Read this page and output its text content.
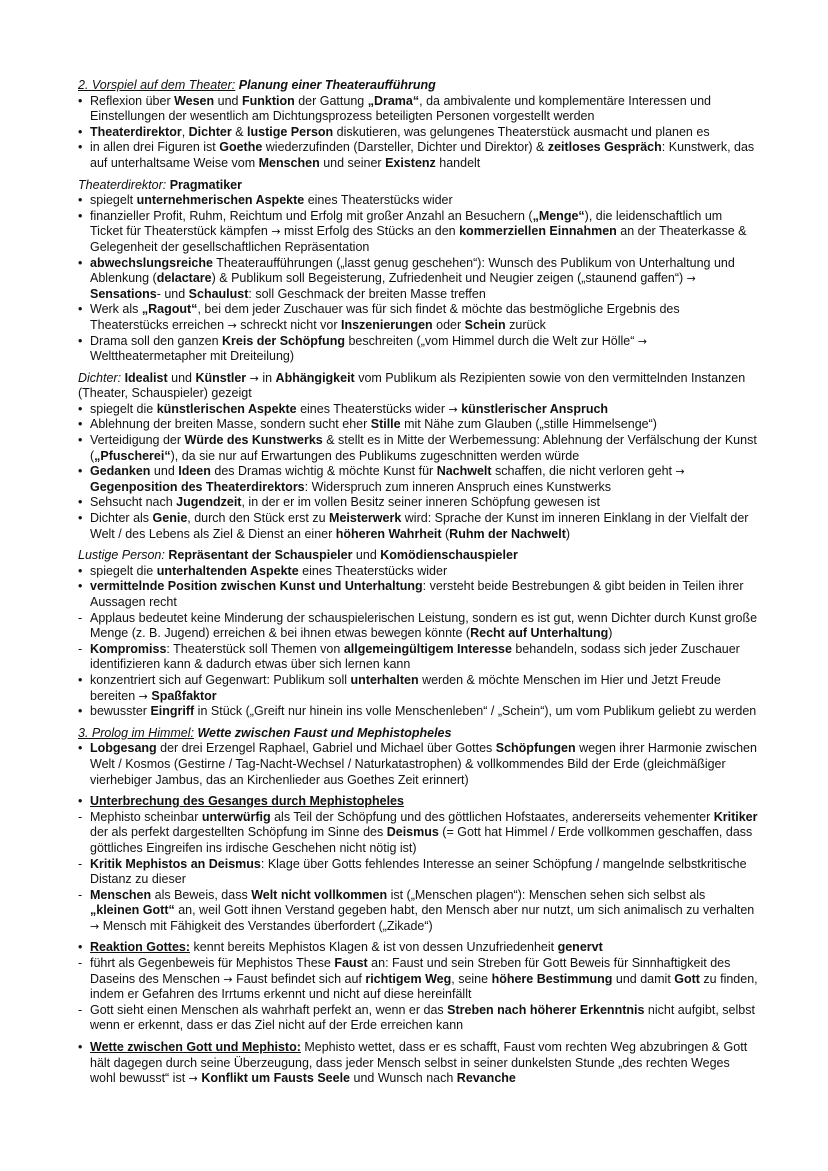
2. Vorspiel auf dem Theater: Planung einer Theateraufführung

• Reflexion über Wesen und Funktion der Gattung „Drama“, da ambivalente und komplementäre Interessen und Einstellungen der wesentlich am Dichtungsprozess beteiligten Personen vorgestellt werden
• Theaterdirektor, Dichter & lustige Person diskutieren, was gelungenes Theaterstück ausmacht und planen es
• in allen drei Figuren ist Goethe wiederzufinden (Darsteller, Dichter und Direktor) & zeitloses Gespräch: Kunstwerk, das auf unterhaltsame Weise vom Menschen und seiner Existenz handelt

Theaterdirektor: Pragmatiker

• spiegelt unternehmerischen Aspekte eines Theaterstücks wider
• finanzieller Profit, Ruhm, Reichtum und Erfolg mit großer Anzahl an Besuchern („Menge“), die leidenschaftlich um Ticket für Theaterstück kämpfen → misst Erfolg des Stücks an den kommerziellen Einnahmen an der Theaterkasse & Gelegenheit der gesellschaftlichen Repräsentation
• abwechslungsreiche Theateraufführungen („lasst genug geschehen“): Wunsch des Publikum von Unterhaltung und Ablenkung (delactare) & Publikum soll Begeisterung, Zufriedenheit und Neugier zeigen („staunend gaffen“) → Sensations- und Schaulust: soll Geschmack der breiten Masse treffen
• Werk als „Ragout“, bei dem jeder Zuschauer was für sich findet & möchte das bestmögliche Ergebnis des Theaterstücks erreichen → schreckt nicht vor Inszenierungen oder Schein zurück
• Drama soll den ganzen Kreis der Schöpfung beschreiten („vom Himmel durch die Welt zur Hölle“ → Welttheatermetapher mit Dreiteilung)

Dichter: Idealist und Künstler → in Abhängigkeit vom Publikum als Rezipienten sowie von den vermittelnden Instanzen (Theater, Schauspieler) gezeigt

• spiegelt die künstlerischen Aspekte eines Theaterstücks wider → künstlerischer Anspruch
• Ablehnung der breiten Masse, sondern sucht eher Stille mit Nähe zum Glauben („stille Himmelsenge“)
• Verteidigung der Würde des Kunstwerks & stellt es in Mitte der Werbemessung: Ablehnung der Verfälschung der Kunst („Pfuscherei“), da sie nur auf Erwartungen des Publikums zugeschnitten werden würde
• Gedanken und Ideen des Dramas wichtig & möchte Kunst für Nachwelt schaffen, die nicht verloren geht → Gegenposition des Theaterdirektors: Widerspruch zum inneren Anspruch eines Kunstwerks
• Sehsucht nach Jugendzeit, in der er im vollen Besitz seiner inneren Schöpfung gewesen ist
• Dichter als Genie, durch den Stück erst zu Meisterwerk wird: Sprache der Kunst im inneren Einklang in der Vielfalt der Welt / des Lebens als Ziel & Dienst an einer höheren Wahrheit (Ruhm der Nachwelt)

Lustige Person: Repräsentant der Schauspieler und Komödienschauspieler

• spiegelt die unterhaltenden Aspekte eines Theaterstücks wider
• vermittelnde Position zwischen Kunst und Unterhaltung: versteht beide Bestrebungen & gibt beiden in Teilen ihrer Aussagen recht
- Applaus bedeutet keine Minderung der schauspielerischen Leistung, sondern es ist gut, wenn Dichter durch Kunst große Menge (z. B. Jugend) erreichen & bei ihnen etwas bewegen könnte (Recht auf Unterhaltung)
- Kompromiss: Theaterstück soll Themen von allgemeingültigem Interesse behandeln, sodass sich jeder Zuschauer identifizieren kann & dadurch etwas über sich lernen kann
• konzentriert sich auf Gegenwart: Publikum soll unterhalten werden & möchte Menschen im Hier und Jetzt Freude bereiten → Spaßfaktor
• bewusster Eingriff in Stück („Greift nur hinein ins volle Menschenleben“ / „Schein“), um vom Publikum geliebt zu werden

3. Prolog im Himmel: Wette zwischen Faust und Mephistopheles

• Lobgesang der drei Erzengel Raphael, Gabriel und Michael über Gottes Schöpfungen wegen ihrer Harmonie zwischen Welt / Kosmos (Gestirne / Tag-Nacht-Wechsel / Naturkatastrophen) & vollkommendes Bild der Erde (gleichmäßiger vierhebiger Jambus, das an Kirchenlieder aus Goethes Zeit erinnert)
• Unterbrechung des Gesanges durch Mephistopheles
- Mephisto scheinbar unterwürfig als Teil der Schöpfung und des göttlichen Hofstaates, andererseits vehementer Kritiker der als perfekt dargestellten Schöpfung im Sinne des Deismus (= Gott hat Himmel / Erde vollkommen geschaffen, dass göttliches Eingreifen ins irdische Geschehen nicht nötig ist)
- Kritik Mephistos an Deismus: Klage über Gotts fehlendes Interesse an seiner Schöpfung / mangelnde selbstkritische Distanz zu dieser
- Menschen als Beweis, dass Welt nicht vollkommen ist („Menschen plagen“): Menschen sehen sich selbst als „kleinen Gott“ an, weil Gott ihnen Verstand gegeben habt, den Mensch aber nur nutzt, um sich animalisch zu verhalten → Mensch mit Fähigkeit des Verstandes überfordert („Zikade“)
• Reaktion Gottes: kennt bereits Mephistos Klagen & ist von dessen Unzufriedenheit genervt
- führt als Gegenbeweis für Mephistos These Faust an: Faust und sein Streben für Gott Beweis für Sinnhaftigkeit des Daseins des Menschen → Faust befindet sich auf richtigem Weg, seine höhere Bestimmung und damit Gott zu finden, indem er Gefahren des Irrtums erkennt und nicht auf diese hereinfällt
- Gott sieht einen Menschen als wahrhaft perfekt an, wenn er das Streben nach höherer Erkenntnis nicht aufgibt, selbst wenn er erkennt, dass er das Ziel nicht auf der Erde erreichen kann
• Wette zwischen Gott und Mephisto: Mephisto wettet, dass er es schafft, Faust vom rechten Weg abzubringen & Gott hält dagegen durch seine Überzeugung, dass jeder Mensch selbst in seiner dunkelsten Stunde „des rechten Weges wohl bewusst“ ist → Konflikt um Fausts Seele und Wunsch nach Revanche
